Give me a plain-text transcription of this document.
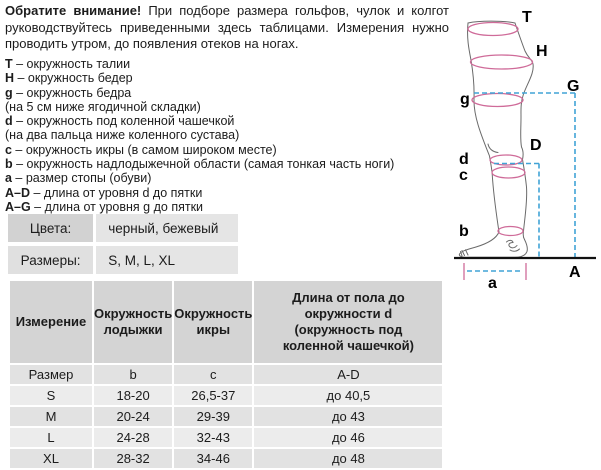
Обратите внимание! При подборе размера гольфов, чулок и колгот руководствуйтесь приведенными здесь таблицами. Измерения нужно проводить утром, до появления отеков на ногах.

T – окружность талии
H – окружность бедер
g – окружность бедра
(на 5 см ниже ягодичной складки)
d – окружность под коленной чашечкой
(на два пальца ниже коленного сустава)
c – окружность икры (в самом широком месте)
b – окружность надлодыжечной области (самая тонкая часть ноги)
a – размер стопы (обуви)
A–D – длина от уровня d до пятки
A–G – длина от уровня g до пятки
Цвета:	черный, бежевый
Размеры:	S, M, L, XL
Измерение	Окружность лодыжки	Окружность икры	Длина от пола до окружности d (окружность под коленной чашечкой)

Размер	b	c	A-D
S	18-20	26,5-37	до 40,5
M	20-24	29-39	до 43
L	24-28	32-43	до 46
XL	28-32	34-46	до 48
T
H
g
G
d
D
c
b
a
A
